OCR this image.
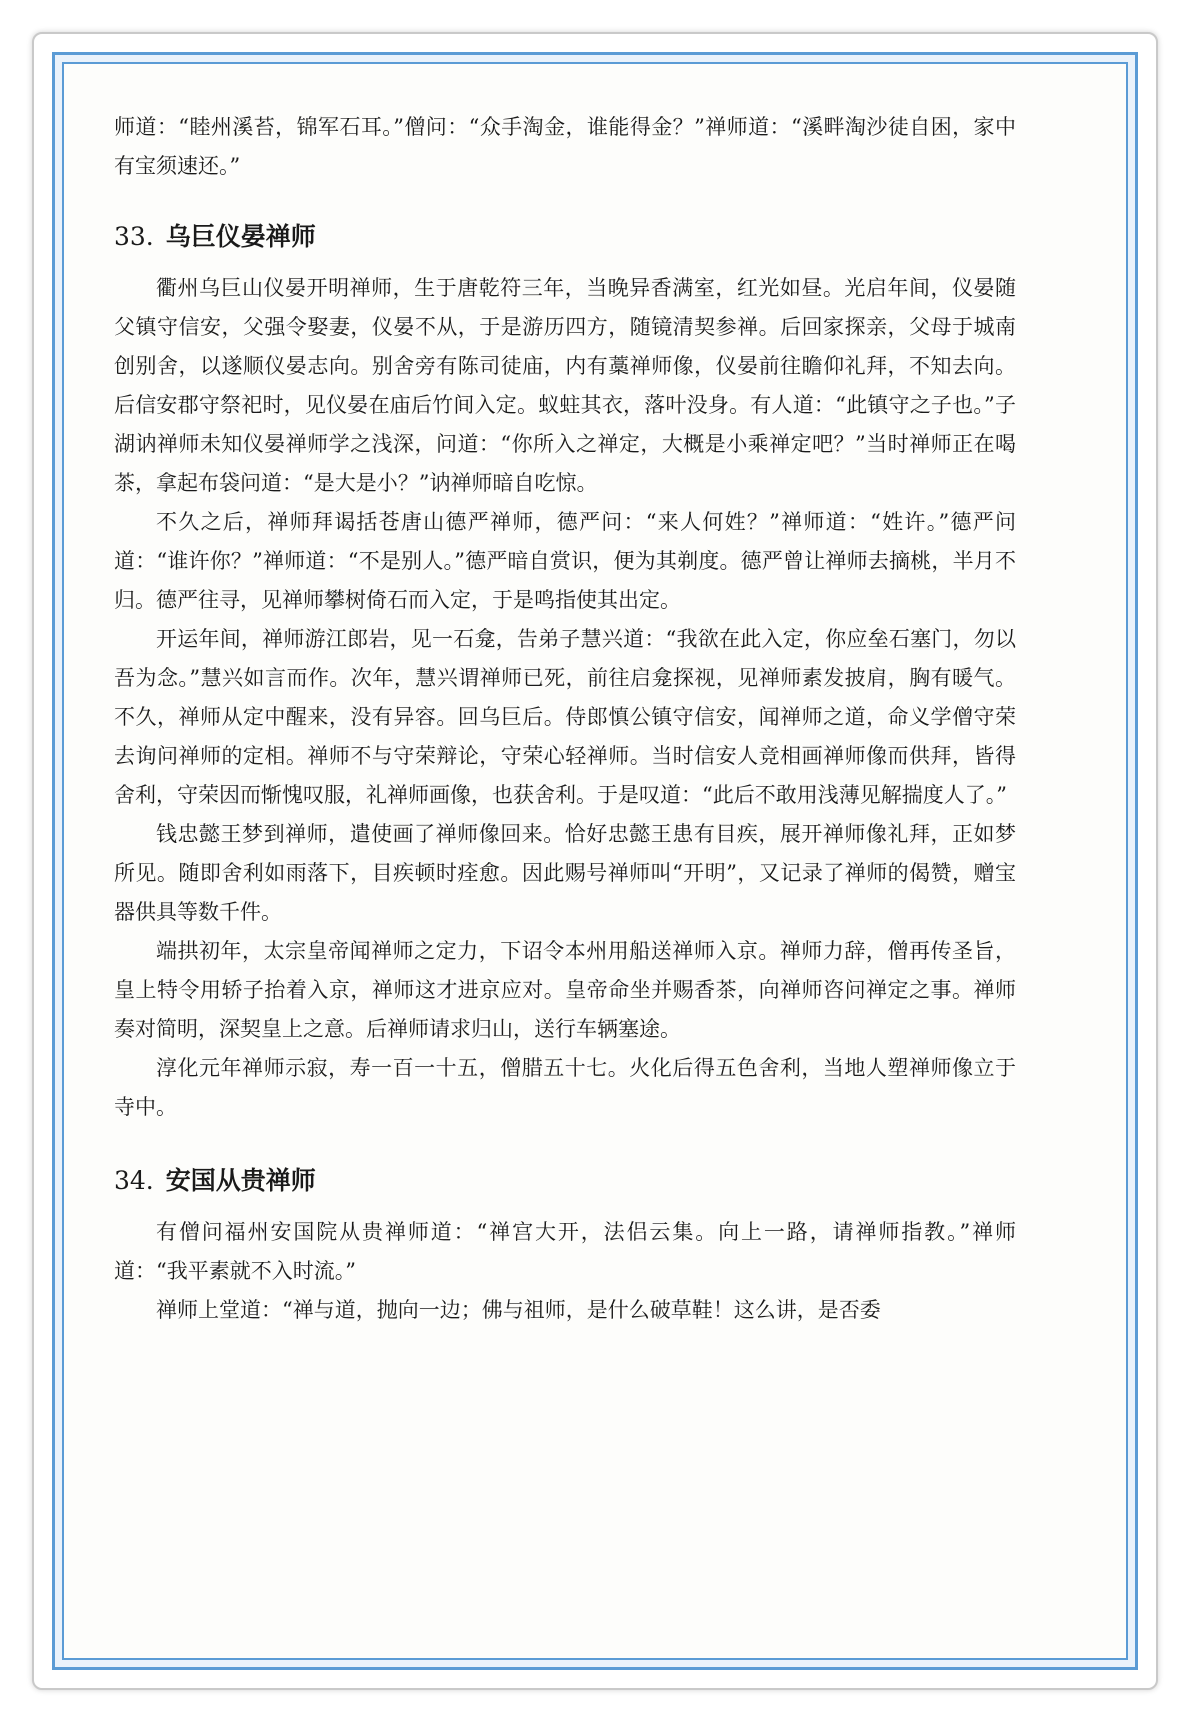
师道：“睦州溪苔，锦军石耳。”僧问：“众手淘金，谁能得金？”禅师道：“溪畔淘沙徒自困，家中有宝须速还。”

33. 乌巨仪晏禅师

衢州乌巨山仪晏开明禅师，生于唐乾符三年，当晚异香满室，红光如昼。光启年间，仪晏随父镇守信安，父强令娶妻，仪晏不从，于是游历四方，随镜清契参禅。后回家探亲，父母于城南创别舍，以遂顺仪晏志向。别舍旁有陈司徒庙，内有藁禅师像，仪晏前往瞻仰礼拜，不知去向。后信安郡守祭祀时，见仪晏在庙后竹间入定。蚁蛀其衣，落叶没身。有人道：“此镇守之子也。”子湖讷禅师未知仪晏禅师学之浅深，问道：“你所入之禅定，大概是小乘禅定吧？”当时禅师正在喝茶，拿起布袋问道：“是大是小？”讷禅师暗自吃惊。

不久之后，禅师拜谒括苍唐山德严禅师，德严问：“来人何姓？”禅师道：“姓许。”德严问道：“谁许你？”禅师道：“不是别人。”德严暗自赏识，便为其剃度。德严曾让禅师去摘桃，半月不归。德严往寻，见禅师攀树倚石而入定，于是鸣指使其出定。

开运年间，禅师游江郎岩，见一石龛，告弟子慧兴道：“我欲在此入定，你应垒石塞门，勿以吾为念。”慧兴如言而作。次年，慧兴谓禅师已死，前往启龛探视，见禅师素发披肩，胸有暖气。不久，禅师从定中醒来，没有异容。回乌巨后。侍郎慎公镇守信安，闻禅师之道，命义学僧守荣去询问禅师的定相。禅师不与守荣辩论，守荣心轻禅师。当时信安人竞相画禅师像而供拜，皆得舍利，守荣因而惭愧叹服，礼禅师画像，也获舍利。于是叹道：“此后不敢用浅薄见解揣度人了。”

钱忠懿王梦到禅师，遣使画了禅师像回来。恰好忠懿王患有目疾，展开禅师像礼拜，正如梦所见。随即舍利如雨落下，目疾顿时痊愈。因此赐号禅师叫“开明”，又记录了禅师的偈赞，赠宝器供具等数千件。

端拱初年，太宗皇帝闻禅师之定力，下诏令本州用船送禅师入京。禅师力辞，僧再传圣旨，皇上特令用轿子抬着入京，禅师这才进京应对。皇帝命坐并赐香茶，向禅师咨问禅定之事。禅师奏对简明，深契皇上之意。后禅师请求归山，送行车辆塞途。

淳化元年禅师示寂，寿一百一十五，僧腊五十七。火化后得五色舍利，当地人塑禅师像立于寺中。

34. 安国从贵禅师

有僧问福州安国院从贵禅师道：“禅宫大开，法侣云集。向上一路，请禅师指教。”禅师道：“我平素就不入时流。”

禅师上堂道：“禅与道，抛向一边；佛与祖师，是什么破草鞋！这么讲，是否委
